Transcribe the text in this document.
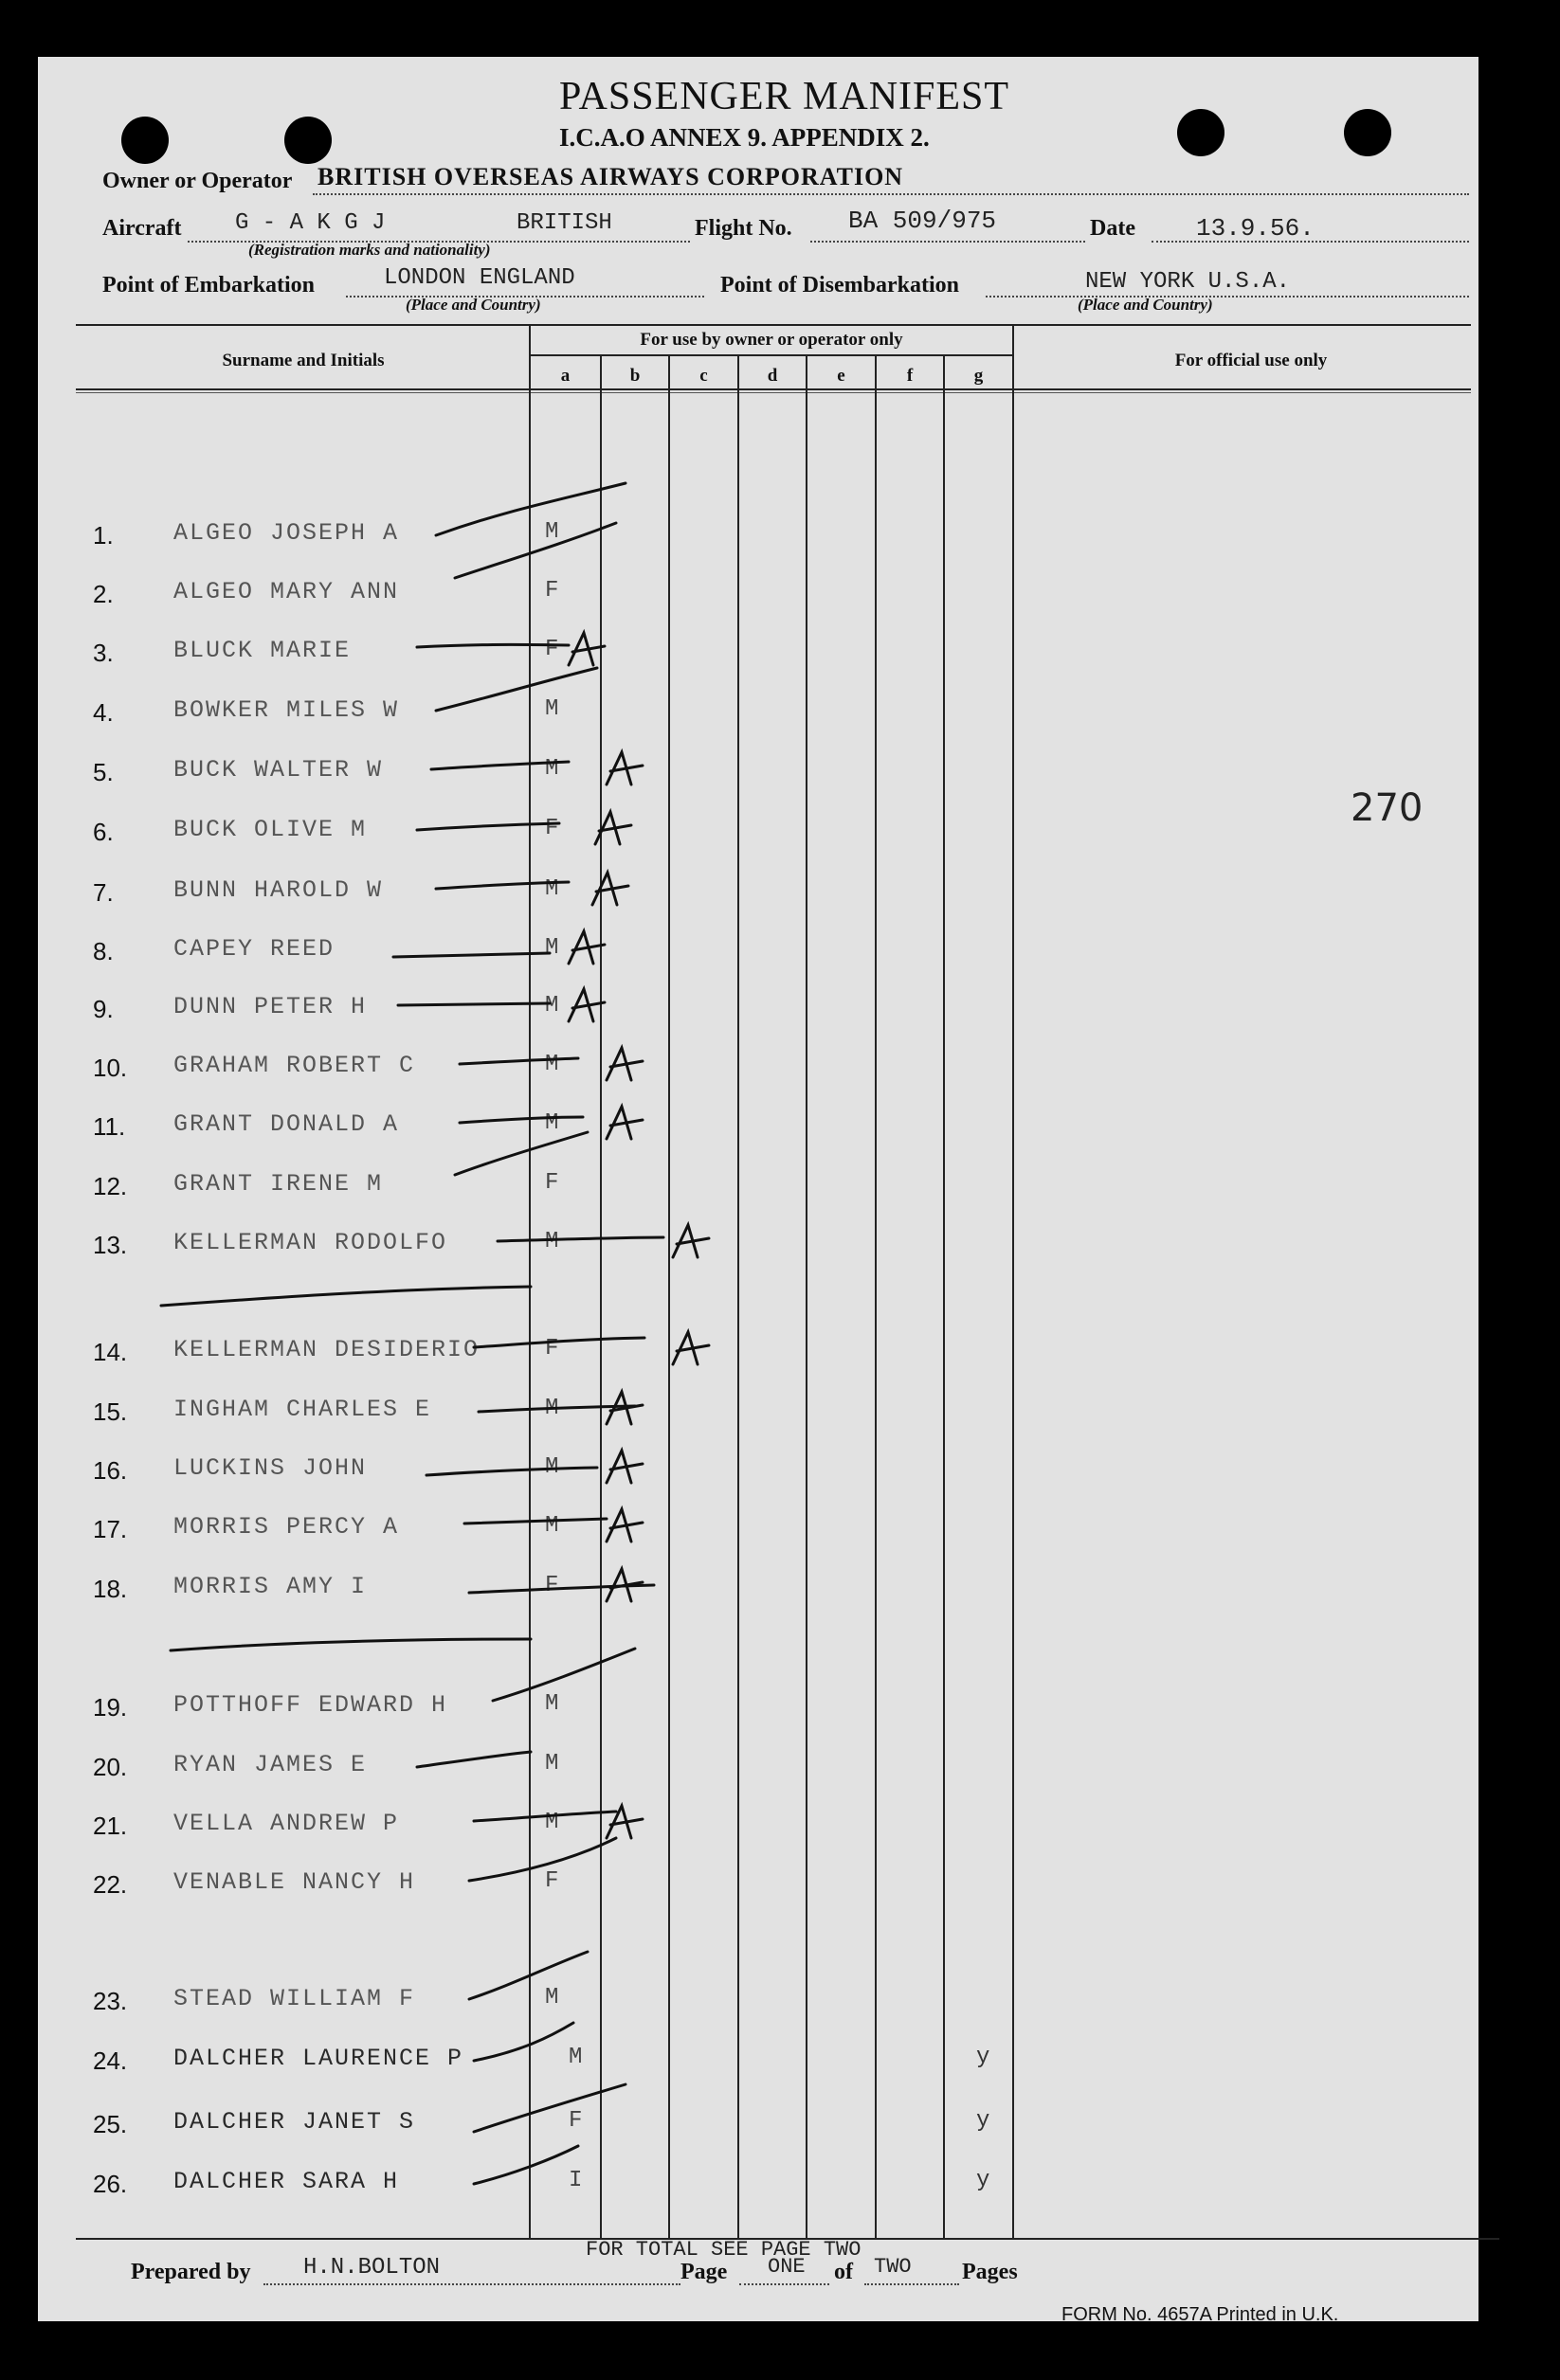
PASSENGER MANIFEST
I.C.A.O ANNEX 9. APPENDIX 2.
Owner or Operator BRITISH OVERSEAS AIRWAYS CORPORATION
Aircraft G - A K G J	BRITISH
(Registration marks and nationality)
Flight No. BA 509/975	Date 13.9.56.
Point of Embarkation	LONDON ENGLAND
(Place and Country)
Point of Disembarkation	NEW YORK U.S.A.
(Place and Country)
Surname and Initials
For use by owner or operator only
a	b	c	d	e	f	g
For official use only
270
1.	ALGEO JOSEPH A	M
2.	ALGEO MARY ANN	F
3.	BLUCK MARIE	F
4.	BOWKER MILES W	M
5.	BUCK WALTER W	M
6.	BUCK OLIVE M	F
7.	BUNN HAROLD W	M
8.	CAPEY REED	M
9.	DUNN PETER H	M
10. GRAHAM ROBERT C	M
11. GRANT DONALD A	M
12. GRANT IRENE M	F
13. KELLERMAN RODOLFO	M
14. KELLERMAN DESIDERIO	F
15. INGHAM CHARLES E	M
16. LUCKINS JOHN	M
17. MORRIS PERCY A	M
18. MORRIS AMY I	F
19. POTTHOFF EDWARD H	M
20. RYAN JAMES E	M
21. VELLA ANDREW P	M
22. VENABLE NANCY H	F
23. STEAD WILLIAM F	M
24. DALCHER LAURENCE P	M	y
25. DALCHER JANET S	F	y
26. DALCHER SARA H	I	y
Prepared by H.N.BOLTON
FOR TOTAL SEE PAGE TWO
Page ONE of TWO Pages
FORM No. 4657A Printed in U.K.
